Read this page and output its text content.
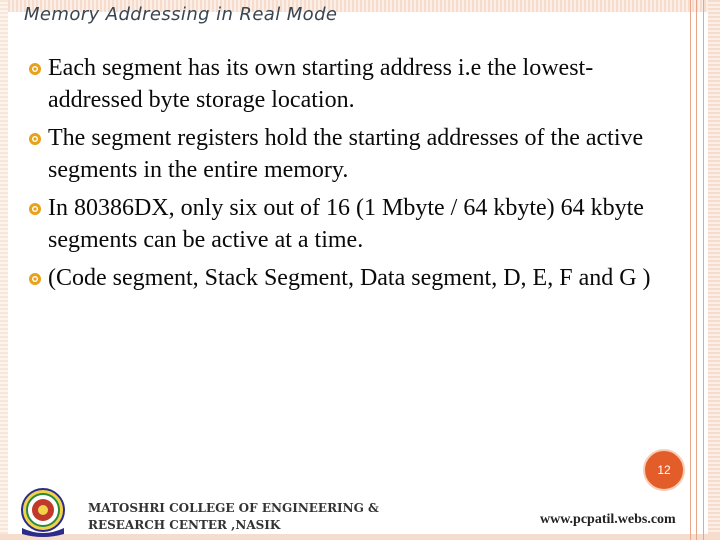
Memory Addressing in Real Mode
Each segment has its own starting address i.e the lowest-addressed byte storage location.
The segment registers hold the starting addresses of the active segments in the entire memory.
In 80386DX, only six out of 16 (1 Mbyte / 64 kbyte) 64 kbyte segments can be active at a time.
(Code segment, Stack Segment, Data segment, D, E, F and G )
12
MATOSHRI COLLEGE OF ENGINEERING &
RESEARCH CENTER ,NASIK	www.pcpatil.webs.com
